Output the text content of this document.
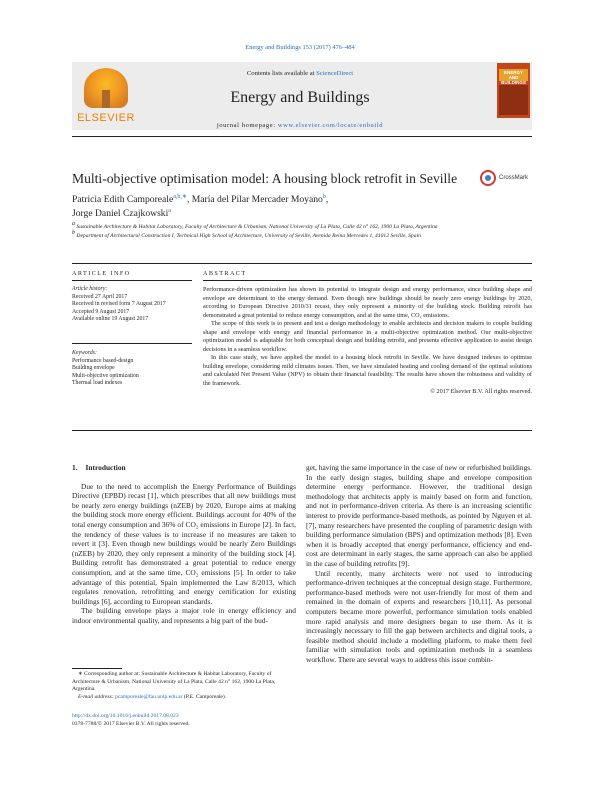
Energy and Buildings 153 (2017) 476–484
ELSEVIER
Contents lists available at ScienceDirect
Energy and Buildings
journal homepage: www.elsevier.com/locate/enbuild
ENERGY AND BUILDINGS
Multi-objective optimisation model: A housing block retrofit in Seville	CrossMark
Patricia Edith Camporeale$^{a,b,∗}$, María del Pilar Mercader Moyano$^b$,
Jorge Daniel Czajkowski$^a$
$^a$ Sustainable Architecture & Habitat Laboratory, Faculty of Architecture & Urbanism, National University of La Plata, Calle 42 n° 162, 1900 La Plata, Argentina
$^b$ Department of Architectural Construction I, Technical High School of Architecture, University of Seville, Avenida Reina Mercedes 1, 41012 Seville, Spain
ARTICLE INFO	ABSTRACT
Article history:
Received 27 April 2017
Received in revised form 7 August 2017
Accepted 9 August 2017
Available online 19 August 2017
Keywords:
Performance based-design
Building envelope
Multi-objective optimization
Thermal load indexes

Performance-driven optimization has shown its potential to integrate design and energy performance, since building shape and envelope are determinant to the energy demand. Even though new buildings should be nearly zero energy buildings by 2020, according to European Directive 2010/31 recast, they only represent a minority of the building stock. Building retrofit has demonstrated a great potential to reduce energy consumption, and at the same time, CO₂ emissions.

The scope of this work is to present and test a design methodology to enable architects and decision makers to couple building shape and envelope with energy and financial performance in a multi-objective optimization method. Our multi-objective optimization model is adaptable for both conceptual design and building retrofit, and presents effective application to assist design decisions in a seamless workflow.

In this case study, we have applied the model to a housing block retrofit in Seville. We have designed indexes to optimise building envelope, considering mild climates issues. Then, we have simulated heating and cooling demand of the optimal solutions and calculated Net Present Value (NPV) to obtain their financial feasibility. The results have shown the robustness and validity of the framework.

© 2017 Elsevier B.V. All rights reserved.

1. Introduction

Due to the need to accomplish the Energy Performance of Buildings Directive (EPBD) recast [1], which prescribes that all new buildings must be nearly zero energy buildings (nZEB) by 2020, Europe aims at making the building stock more energy efficient. Buildings account for 40% of the total energy consumption and 36% of CO₂ emissions in Europe [2]. In fact, the tendency of these values is to increase if no measures are taken to revert it [3]. Even though new buildings would be nearly Zero Buildings (nZEB) by 2020, they only represent a minority of the building stock [4]. Building retrofit has demonstrated a great potential to reduce energy consumption, and at the same time, CO₂ emissions [5]. In order to take advantage of this potential, Spain implemented the Law 8/2013, which regulates renovation, retrofitting and energy certification for existing buildings [6], according to European standards.

The building envelope plays a major role in energy efficiency and indoor environmental quality, and represents a big part of the bud-

get, having the same importance in the case of new or refurbished buildings. In the early design stages, building shape and envelope composition determine energy performance. However, the traditional design methodology that architects apply is mainly based on form and function, and not in performance-driven criteria. As there is an increasing scientific interest to provide performance-based methods, as pointed by Nguyen et al. [7], many researchers have presented the coupling of parametric design with building performance simulation (BPS) and optimization methods [8]. Even when it is broadly accepted that energy performance, efficiency and end-cost are determinant in early stages, the same approach can also be applied in the case of building retrofits [9].

Until recently, many architects were not used to introducing performance-driven techniques at the conceptual design stage. Furthermore, performance-based methods were not user-friendly for most of them and remained in the domain of experts and researchers [10,11]. As personal computers became more powerful, performance simulation tools enabled more rapid analysis and more designers began to use them. As it is increasingly necessary to fill the gap between architects and digital tools, a feasible method should include a modelling platform, to make them feel familiar with simulation tools and optimization methods in a seamless workflow. There are several ways to address this issue combin-

∗ Corresponding author at: Sustainable Architecture & Habitat Laboratory, Faculty of Architecture & Urbanism, National University of La Plata, Calle 42 n° 162, 1900 La Plata, Argentina.
E-mail address: pcamporeale@fau.unlp.edu.ar (P.E. Camporeale).
http://dx.doi.org/10.1016/j.enbuild.2017.08.023
0378-7788/© 2017 Elsevier B.V. All rights reserved.
